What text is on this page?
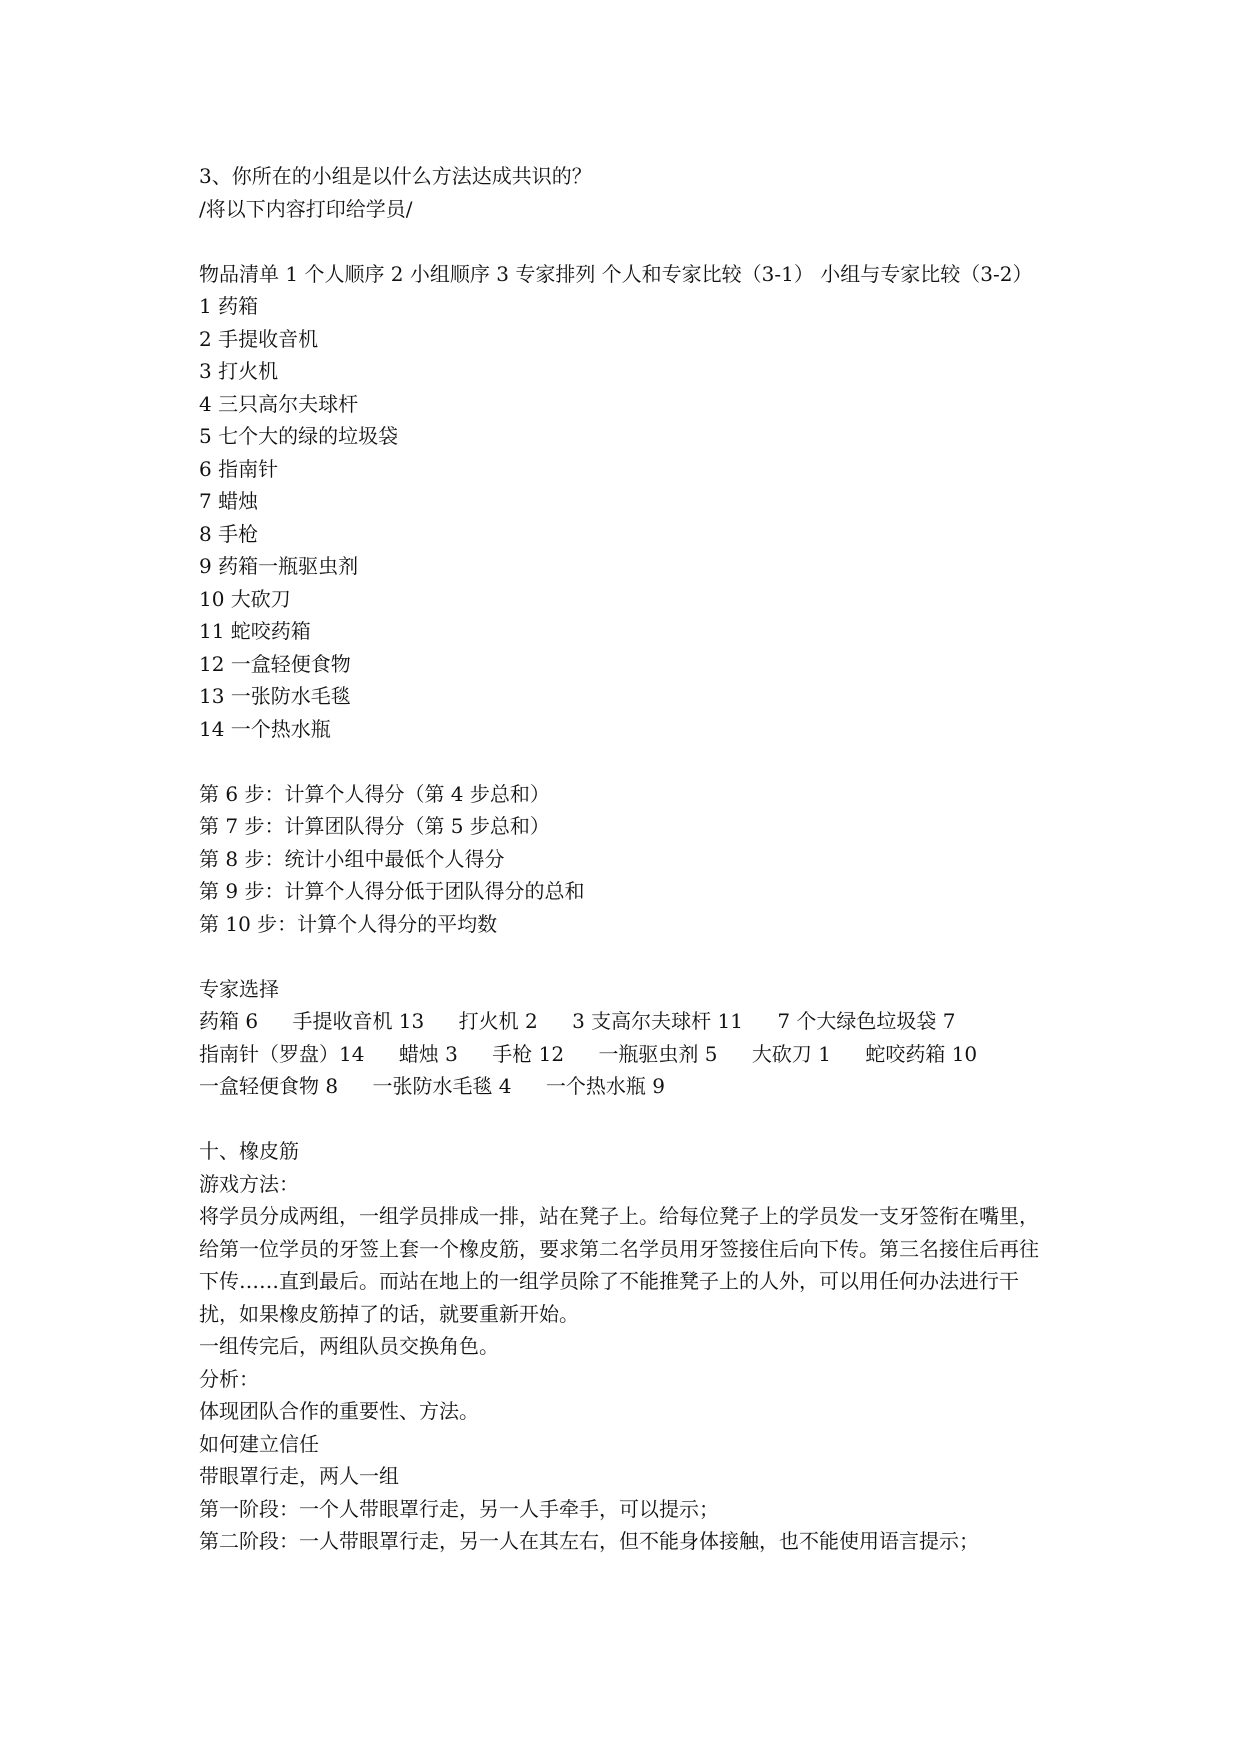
3、你所在的小组是以什么方法达成共识的？
/将以下内容打印给学员/
物品清单 1 个人顺序 2 小组顺序 3 专家排列 个人和专家比较（3-1） 小组与专家比较（3-2）
1 药箱
2 手提收音机
3 打火机
4 三只高尔夫球杆
5 七个大的绿的垃圾袋
6 指南针
7 蜡烛
8 手枪
9 药箱一瓶驱虫剂
10 大砍刀
11 蛇咬药箱
12 一盒轻便食物
13 一张防水毛毯
14 一个热水瓶
第 6 步：计算个人得分（第 4 步总和）
第 7 步：计算团队得分（第 5 步总和）
第 8 步：统计小组中最低个人得分
第 9 步：计算个人得分低于团队得分的总和
第 10 步：计算个人得分的平均数
专家选择
药箱 6 手提收音机 13 打火机 2 3 支高尔夫球杆 11 7 个大绿色垃圾袋 7 指南针（罗盘）14 蜡烛 3 手枪 12 一瓶驱虫剂 5 大砍刀 1 蛇咬药箱 10 一盒轻便食物 8 一张防水毛毯 4 一个热水瓶 9
十、橡皮筋
游戏方法：
将学员分成两组，一组学员排成一排，站在凳子上。给每位凳子上的学员发一支牙签衔在嘴里，给第一位学员的牙签上套一个橡皮筋，要求第二名学员用牙签接住后向下传。第三名接住后再往下传……直到最后。而站在地上的一组学员除了不能推凳子上的人外，可以用任何办法进行干扰，如果橡皮筋掉了的话，就要重新开始。
一组传完后，两组队员交换角色。
分析：
体现团队合作的重要性、方法。
如何建立信任
带眼罩行走，两人一组
第一阶段：一个人带眼罩行走，另一人手牵手，可以提示；
第二阶段：一人带眼罩行走，另一人在其左右，但不能身体接触，也不能使用语言提示；
